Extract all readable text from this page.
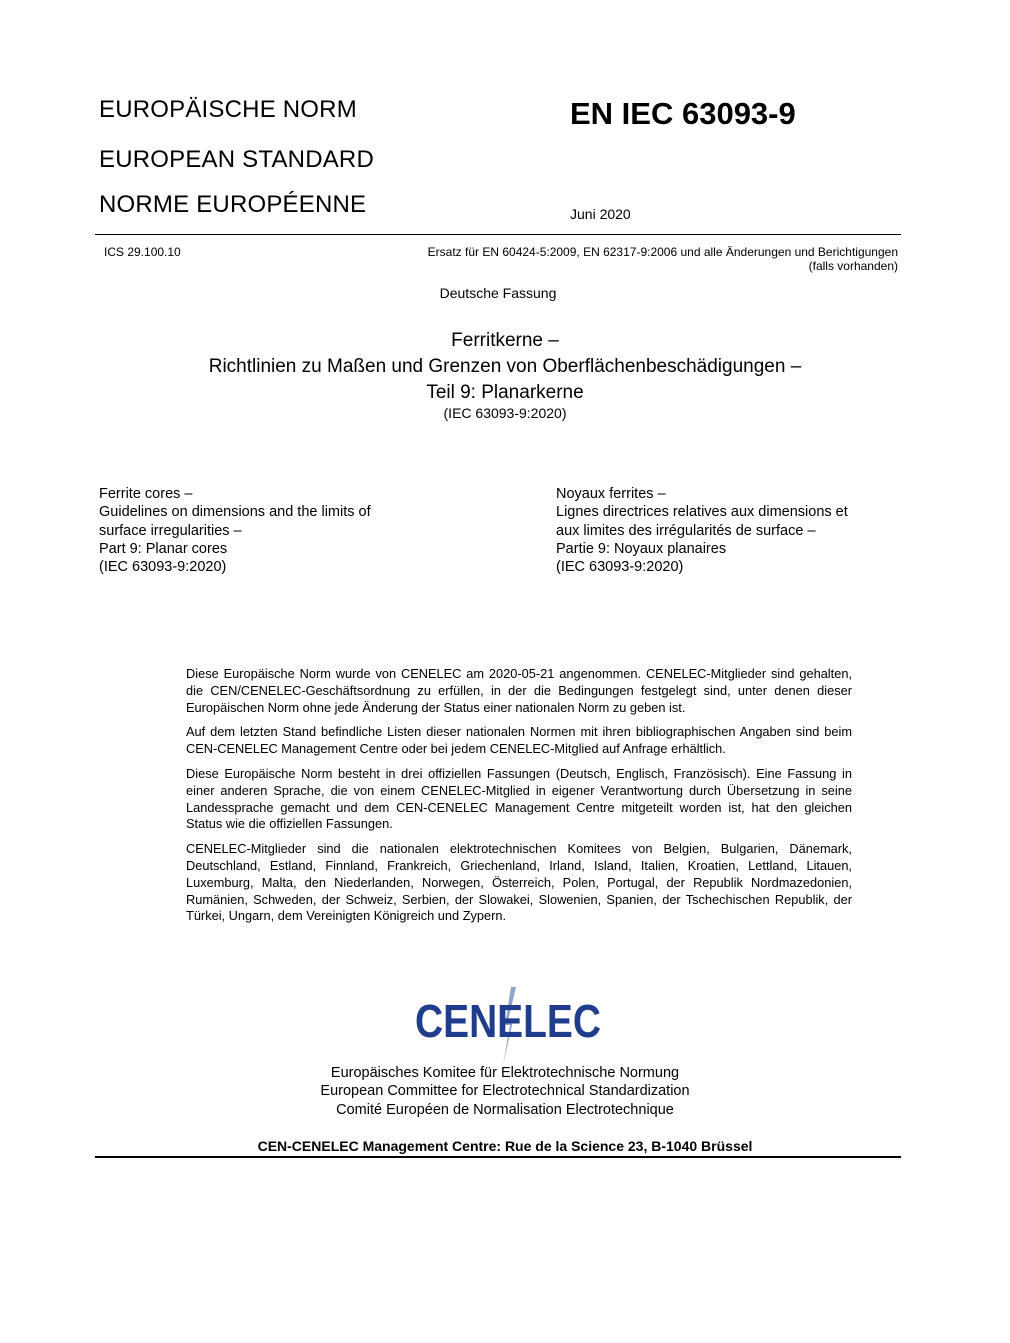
EUROPÄISCHE NORM
EUROPEAN STANDARD
NORME EUROPÉENNE
EN IEC 63093-9
Juni 2020
ICS 29.100.10	Ersatz für EN 60424-5:2009, EN 62317-9:2006 und alle Änderungen und Berichtigungen
(falls vorhanden)
Deutsche Fassung
Ferritkerne –
Richtlinien zu Maßen und Grenzen von Oberflächenbeschädigungen –
Teil 9: Planarkerne
(IEC 63093-9:2020)
Ferrite cores –
Guidelines on dimensions and the limits of
surface irregularities –
Part 9: Planar cores
(IEC 63093-9:2020)
Noyaux ferrites –
Lignes directrices relatives aux dimensions et
aux limites des irrégularités de surface –
Partie 9: Noyaux planaires
(IEC 63093-9:2020)

Diese Europäische Norm wurde von CENELEC am 2020-05-21 angenommen. CENELEC-Mitglieder sind gehalten, die CEN/CENELEC-Geschäftsordnung zu erfüllen, in der die Bedingungen festgelegt sind, unter denen dieser Europäischen Norm ohne jede Änderung der Status einer nationalen Norm zu geben ist.

Auf dem letzten Stand befindliche Listen dieser nationalen Normen mit ihren bibliographischen Angaben sind beim CEN-CENELEC Management Centre oder bei jedem CENELEC-Mitglied auf Anfrage erhältlich.

Diese Europäische Norm besteht in drei offiziellen Fassungen (Deutsch, Englisch, Französisch). Eine Fassung in einer anderen Sprache, die von einem CENELEC-Mitglied in eigener Verantwortung durch Übersetzung in seine Landessprache gemacht und dem CEN-CENELEC Management Centre mitgeteilt worden ist, hat den gleichen Status wie die offiziellen Fassungen.

CENELEC-Mitglieder sind die nationalen elektrotechnischen Komitees von Belgien, Bulgarien, Dänemark, Deutschland, Estland, Finnland, Frankreich, Griechenland, Irland, Island, Italien, Kroatien, Lettland, Litauen, Luxemburg, Malta, den Niederlanden, Norwegen, Österreich, Polen, Portugal, der Republik Nordmazedonien, Rumänien, Schweden, der Schweiz, Serbien, der Slowakei, Slowenien, Spanien, der Tschechischen Republik, der Türkei, Ungarn, dem Vereinigten Königreich und Zypern.

CENELEC
Europäisches Komitee für Elektrotechnische Normung
European Committee for Electrotechnical Standardization
Comité Européen de Normalisation Electrotechnique
CEN-CENELEC Management Centre: Rue de la Science 23, B-1040 Brüssel
